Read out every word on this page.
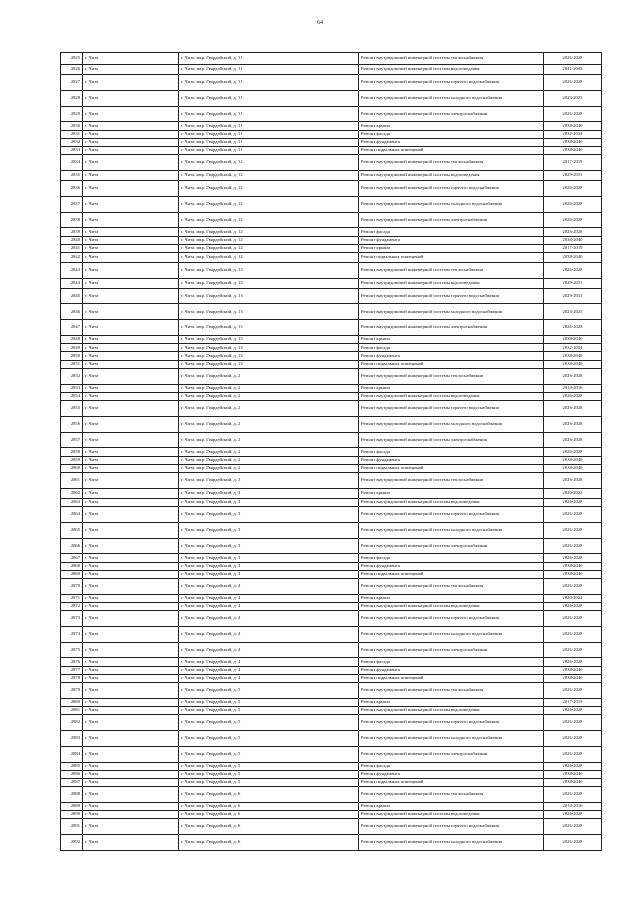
64
2825	г. Чита	г. Чита, мкр. Гвардейский, д. 11	Ремонт внутридомовой инженерной системы теплоснабжения	2026-2028
2826	г. Чита	г. Чита, мкр. Гвардейский, д. 11	Ремонт внутридомовой инженерной системы водоотведения	2041-2043
2827	г. Чита	г. Чита, мкр. Гвардейский, д. 11	Ремонт внутридомовой инженерной системы горячего водоснабжения	2026-2028
2828	г. Чита	г. Чита, мкр. Гвардейский, д. 11	Ремонт внутридомовой инженерной системы холодного водоснабжения	2023-2025
2829	г. Чита	г. Чита, мкр. Гвардейский, д. 11	Ремонт внутридомовой инженерной системы электроснабжения	2026-2028
2830	г. Чита	г. Чита, мкр. Гвардейский, д. 11	Ремонт крыши	2038-2040
2831	г. Чита	г. Чита, мкр. Гвардейский, д. 11	Ремонт фасада	2032-2034
2832	г. Чита	г. Чита, мкр. Гвардейский, д. 11	Ремонт фундамента	2038-2040
2833	г. Чита	г. Чита, мкр. Гвардейский, д. 11	Ремонт подвальных помещений	2038-2040
2834	г. Чита	г. Чита, мкр. Гвардейский, д. 12	Ремонт внутридомовой инженерной системы теплоснабжения	2017-2019
2835	г. Чита	г. Чита, мкр. Гвардейский, д. 12	Ремонт внутридомовой инженерной системы водоотведения	2029-2031
2836	г. Чита	г. Чита, мкр. Гвардейский, д. 12	Ремонт внутридомовой инженерной системы горячего водоснабжения	2026-2028
2837	г. Чита	г. Чита, мкр. Гвардейский, д. 12	Ремонт внутридомовой инженерной системы холодного водоснабжения	2026-2028
2838	г. Чита	г. Чита, мкр. Гвардейский, д. 12	Ремонт внутридомовой инженерной системы электроснабжения	2026-2028
2839	г. Чита	г. Чита, мкр. Гвардейский, д. 12	Ремонт фасада	2026-2028
2840	г. Чита	г. Чита, мкр. Гвардейский, д. 12	Ремонт фундамента	2038-2040
2841	г. Чита	г. Чита, мкр. Гвардейский, д. 12	Ремонт крыши	2017-2019
2842	г. Чита	г. Чита, мкр. Гвардейский, д. 12	Ремонт подвальных помещений	2038-2040
2843	г. Чита	г. Чита, мкр. Гвардейский, д. 13	Ремонт внутридомовой инженерной системы теплоснабжения	2026-2028
2844	г. Чита	г. Чита, мкр. Гвардейский, д. 13	Ремонт внутридомовой инженерной системы водоотведения	2029-2031
2845	г. Чита	г. Чита, мкр. Гвардейский, д. 13	Ремонт внутридомовой инженерной системы горячего водоснабжения	2029-2031
2846	г. Чита	г. Чита, мкр. Гвардейский, д. 13	Ремонт внутридомовой инженерной системы холодного водоснабжения	2023-2025
2847	г. Чита	г. Чита, мкр. Гвардейский, д. 13	Ремонт внутридомовой инженерной системы электроснабжения	2026-2028
2848	г. Чита	г. Чита, мкр. Гвардейский, д. 13	Ремонт крыши	2038-2040
2849	г. Чита	г. Чита, мкр. Гвардейский, д. 13	Ремонт фасада	2032-2034
2850	г. Чита	г. Чита, мкр. Гвардейский, д. 13	Ремонт фундамента	2038-2040
2851	г. Чита	г. Чита, мкр. Гвардейский, д. 13	Ремонт подвальных помещений	2038-2040
2852	г. Чита	г. Чита, мкр. Гвардейский, д. 2	Ремонт внутридомовой инженерной системы теплоснабжения	2026-2028
2853	г. Чита	г. Чита, мкр. Гвардейский, д. 2	Ремонт крыши	2014-2016
2854	г. Чита	г. Чита, мкр. Гвардейский, д. 2	Ремонт внутридомовой инженерной системы водоотведения	2026-2028
2855	г. Чита	г. Чита, мкр. Гвардейский, д. 2	Ремонт внутридомовой инженерной системы горячего водоснабжения	2026-2028
2856	г. Чита	г. Чита, мкр. Гвардейский, д. 2	Ремонт внутридомовой инженерной системы холодного водоснабжения	2026-2028
2857	г. Чита	г. Чита, мкр. Гвардейский, д. 2	Ремонт внутридомовой инженерной системы электроснабжения	2026-2028
2858	г. Чита	г. Чита, мкр. Гвардейский, д. 2	Ремонт фасада	2026-2028
2859	г. Чита	г. Чита, мкр. Гвардейский, д. 2	Ремонт фундамента	2038-2040
2860	г. Чита	г. Чита, мкр. Гвардейский, д. 2	Ремонт подвальных помещений	2038-2040
2861	г. Чита	г. Чита, мкр. Гвардейский, д. 3	Ремонт внутридомовой инженерной системы теплоснабжения	2026-2028
2862	г. Чита	г. Чита, мкр. Гвардейский, д. 3	Ремонт крыши	2020-2022
2863	г. Чита	г. Чита, мкр. Гвардейский, д. 3	Ремонт внутридомовой инженерной системы водоотведения	2026-2028
2864	г. Чита	г. Чита, мкр. Гвардейский, д. 3	Ремонт внутридомовой инженерной системы горячего водоснабжения	2026-2028
2865	г. Чита	г. Чита, мкр. Гвардейский, д. 3	Ремонт внутридомовой инженерной системы холодного водоснабжения	2026-2028
2866	г. Чита	г. Чита, мкр. Гвардейский, д. 3	Ремонт внутридомовой инженерной системы электроснабжения	2026-2028
2867	г. Чита	г. Чита, мкр. Гвардейский, д. 3	Ремонт фасада	2026-2028
2868	г. Чита	г. Чита, мкр. Гвардейский, д. 3	Ремонт фундамента	2038-2040
2869	г. Чита	г. Чита, мкр. Гвардейский, д. 3	Ремонт подвальных помещений	2038-2040
2870	г. Чита	г. Чита, мкр. Гвардейский, д. 4	Ремонт внутридомовой инженерной системы теплоснабжения	2026-2028
2871	г. Чита	г. Чита, мкр. Гвардейский, д. 4	Ремонт крыши	2020-2022
2872	г. Чита	г. Чита, мкр. Гвардейский, д. 4	Ремонт внутридомовой инженерной системы водоотведения	2026-2028
2873	г. Чита	г. Чита, мкр. Гвардейский, д. 4	Ремонт внутридомовой инженерной системы горячего водоснабжения	2026-2028
2874	г. Чита	г. Чита, мкр. Гвардейский, д. 4	Ремонт внутридомовой инженерной системы холодного водоснабжения	2026-2028
2875	г. Чита	г. Чита, мкр. Гвардейский, д. 4	Ремонт внутридомовой инженерной системы электроснабжения	2026-2028
2876	г. Чита	г. Чита, мкр. Гвардейский, д. 4	Ремонт фасада	2026-2028
2877	г. Чита	г. Чита, мкр. Гвардейский, д. 4	Ремонт фундамента	2038-2040
2878	г. Чита	г. Чита, мкр. Гвардейский, д. 4	Ремонт подвальных помещений	2038-2040
2879	г. Чита	г. Чита, мкр. Гвардейский, д. 5	Ремонт внутридомовой инженерной системы теплоснабжения	2026-2028
2880	г. Чита	г. Чита, мкр. Гвардейский, д. 5	Ремонт крыши	2017-2019
2881	г. Чита	г. Чита, мкр. Гвардейский, д. 5	Ремонт внутридомовой инженерной системы водоотведения	2026-2028
2882	г. Чита	г. Чита, мкр. Гвардейский, д. 5	Ремонт внутридомовой инженерной системы горячего водоснабжения	2026-2028
2883	г. Чита	г. Чита, мкр. Гвардейский, д. 5	Ремонт внутридомовой инженерной системы холодного водоснабжения	2026-2028
2884	г. Чита	г. Чита, мкр. Гвардейский, д. 5	Ремонт внутридомовой инженерной системы электроснабжения	2026-2028
2885	г. Чита	г. Чита, мкр. Гвардейский, д. 5	Ремонт фасада	2026-2028
2886	г. Чита	г. Чита, мкр. Гвардейский, д. 5	Ремонт фундамента	2038-2040
2887	г. Чита	г. Чита, мкр. Гвардейский, д. 5	Ремонт подвальных помещений	2038-2040
2888	г. Чита	г. Чита, мкр. Гвардейский, д. 6	Ремонт внутридомовой инженерной системы теплоснабжения	2026-2028
2889	г. Чита	г. Чита, мкр. Гвардейский, д. 6	Ремонт крыши	2014-2016
2890	г. Чита	г. Чита, мкр. Гвардейский, д. 6	Ремонт внутридомовой инженерной системы водоотведения	2026-2028
2891	г. Чита	г. Чита, мкр. Гвардейский, д. 6	Ремонт внутридомовой инженерной системы горячего водоснабжения	2026-2028
2892	г. Чита	г. Чита, мкр. Гвардейский, д. 6	Ремонт внутридомовой инженерной системы холодного водоснабжения	2026-2028
